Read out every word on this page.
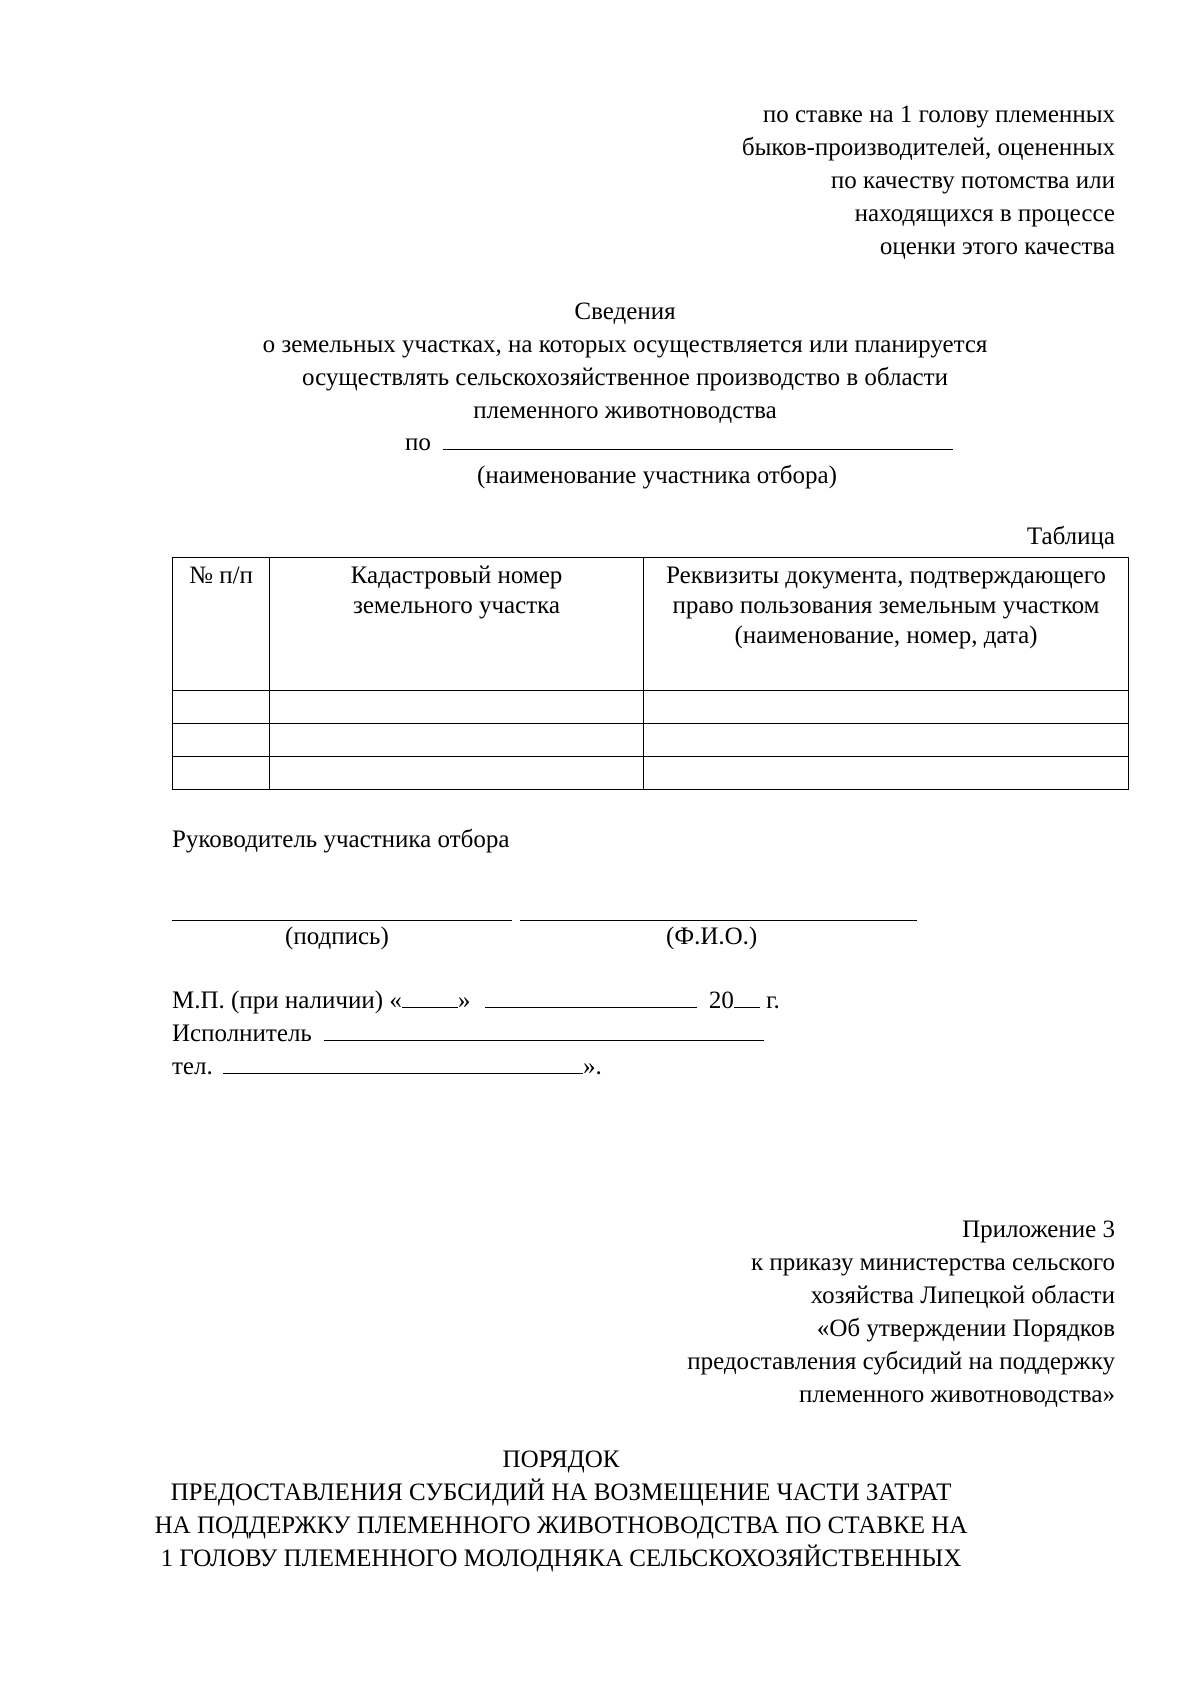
по ставке на 1 голову племенных
быков-производителей, оцененных
по качеству потомства или
находящихся в процессе
оценки этого качества
Сведения
о земельных участках, на которых осуществляется или планируется
осуществлять сельскохозяйственное производство в области
племенного животноводства
по
(наименование участника отбора)
Таблица
№ п/п	Кадастровый номер земельного участка	Реквизиты документа, подтверждающего право пользования земельным участком (наименование, номер, дата)

Руководитель участника отбора
(подпись)	(Ф.И.О.)
М.П. (при наличии) « »	20 г.
Исполнитель
тел.	».
Приложение 3
к приказу министерства сельского
хозяйства Липецкой области
«Об утверждении Порядков
предоставления субсидий на поддержку
племенного животноводства»
ПОРЯДОК
ПРЕДОСТАВЛЕНИЯ СУБСИДИЙ НА ВОЗМЕЩЕНИЕ ЧАСТИ ЗАТРАТ
НА ПОДДЕРЖКУ ПЛЕМЕННОГО ЖИВОТНОВОДСТВА ПО СТАВКЕ НА
1 ГОЛОВУ ПЛЕМЕННОГО МОЛОДНЯКА СЕЛЬСКОХОЗЯЙСТВЕННЫХ
